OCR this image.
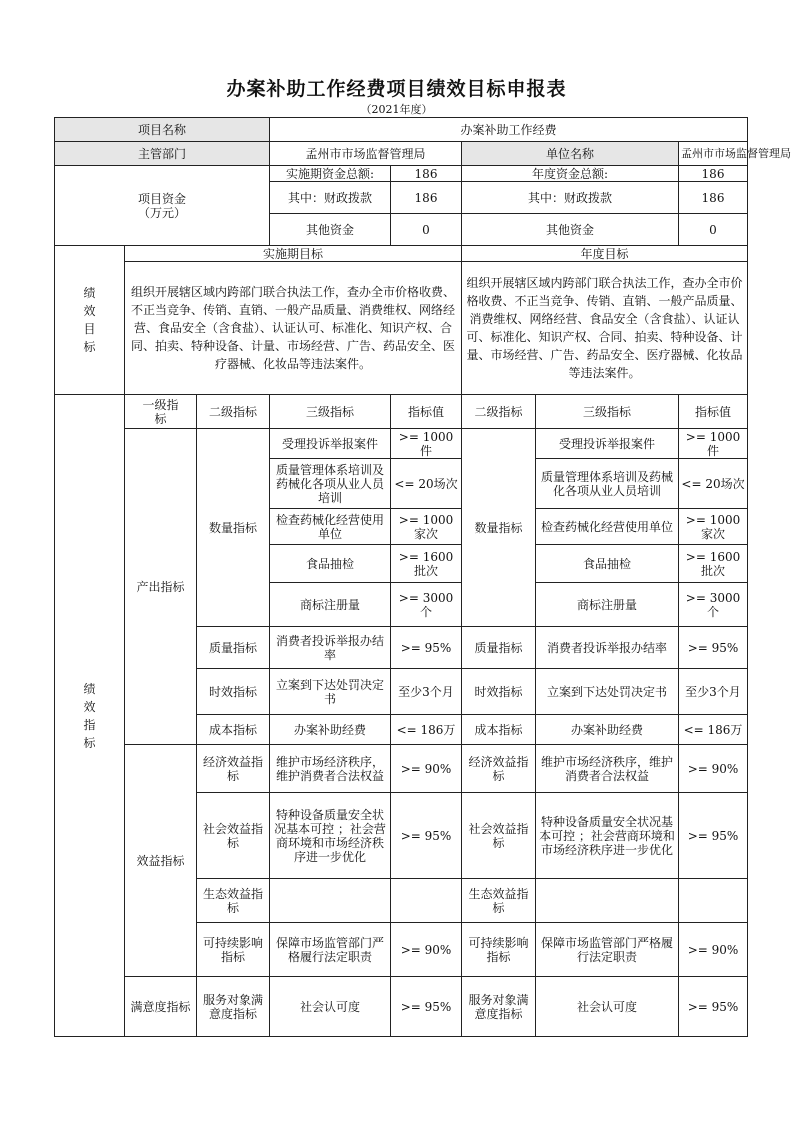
办案补助工作经费项目绩效目标申报表
（2021年度）
项目名称			办案补助工作经费				
主管部门			孟州市市场监督管理局		单位名称		孟州市市场监督管理局
项目资金
（万元）			实施期资金总额:	186	年度资金总额:		186
			其中：财政拨款	186	其中：财政拨款		186
			其他资金	0	其他资金		0
绩效目标	实施期目标				年度目标		
	组织开展辖区域内跨部门联合执法工作，查办全市价格收费、不正当竞争、传销、直销、一般产品质量、消费维权、网络经营、食品安全（含食盐）、认证认可、标准化、知识产权、合同、拍卖、特种设备、计量、市场经营、广告、药品安全、医疗器械、化妆品等违法案件。				组织开展辖区域内跨部门联合执法工作，查办全市价格收费、不正当竞争、传销、直销、一般产品质量、消费维权、网络经营、食品安全（含食盐）、认证认可、标准化、知识产权、合同、拍卖、特种设备、计量、市场经营、广告、药品安全、医疗器械、化妆品等违法案件。		
绩效指标	一级指标	二级指标	三级指标	指标值	二级指标	三级指标	指标值
	产出指标	数量指标	受理投诉举报案件	>= 1000件	数量指标	受理投诉举报案件	>= 1000件
			质量管理体系培训及药械化各项从业人员培训	<= 20场次		质量管理体系培训及药械化各项从业人员培训	<= 20场次
			检查药械化经营使用单位	>= 1000家次		检查药械化经营使用单位	>= 1000家次
			食品抽检	>= 1600批次		食品抽检	>= 1600批次
			商标注册量	>= 3000个		商标注册量	>= 3000个
		质量指标	消费者投诉举报办结率	>= 95%	质量指标	消费者投诉举报办结率	>= 95%
		时效指标	立案到下达处罚决定书	至少3个月	时效指标	立案到下达处罚决定书	至少3个月
		成本指标	办案补助经费	<= 186万	成本指标	办案补助经费	<= 186万
	效益指标	经济效益指标	维护市场经济秩序，维护消费者合法权益	>= 90%	经济效益指标	维护市场经济秩序，维护消费者合法权益	>= 90%
		社会效益指标	特种设备质量安全状况基本可控 ；社会营商环境和市场经济秩序进一步优化	>= 95%	社会效益指标	特种设备质量安全状况基本可控 ；社会营商环境和市场经济秩序进一步优化	>= 95%
		生态效益指标			生态效益指标		
		可持续影响指标	保障市场监管部门严格履行法定职责	>= 90%	可持续影响指标	保障市场监管部门严格履行法定职责	>= 90%
	满意度指标	服务对象满意度指标	社会认可度	>= 95%	服务对象满意度指标	社会认可度	>= 95%
